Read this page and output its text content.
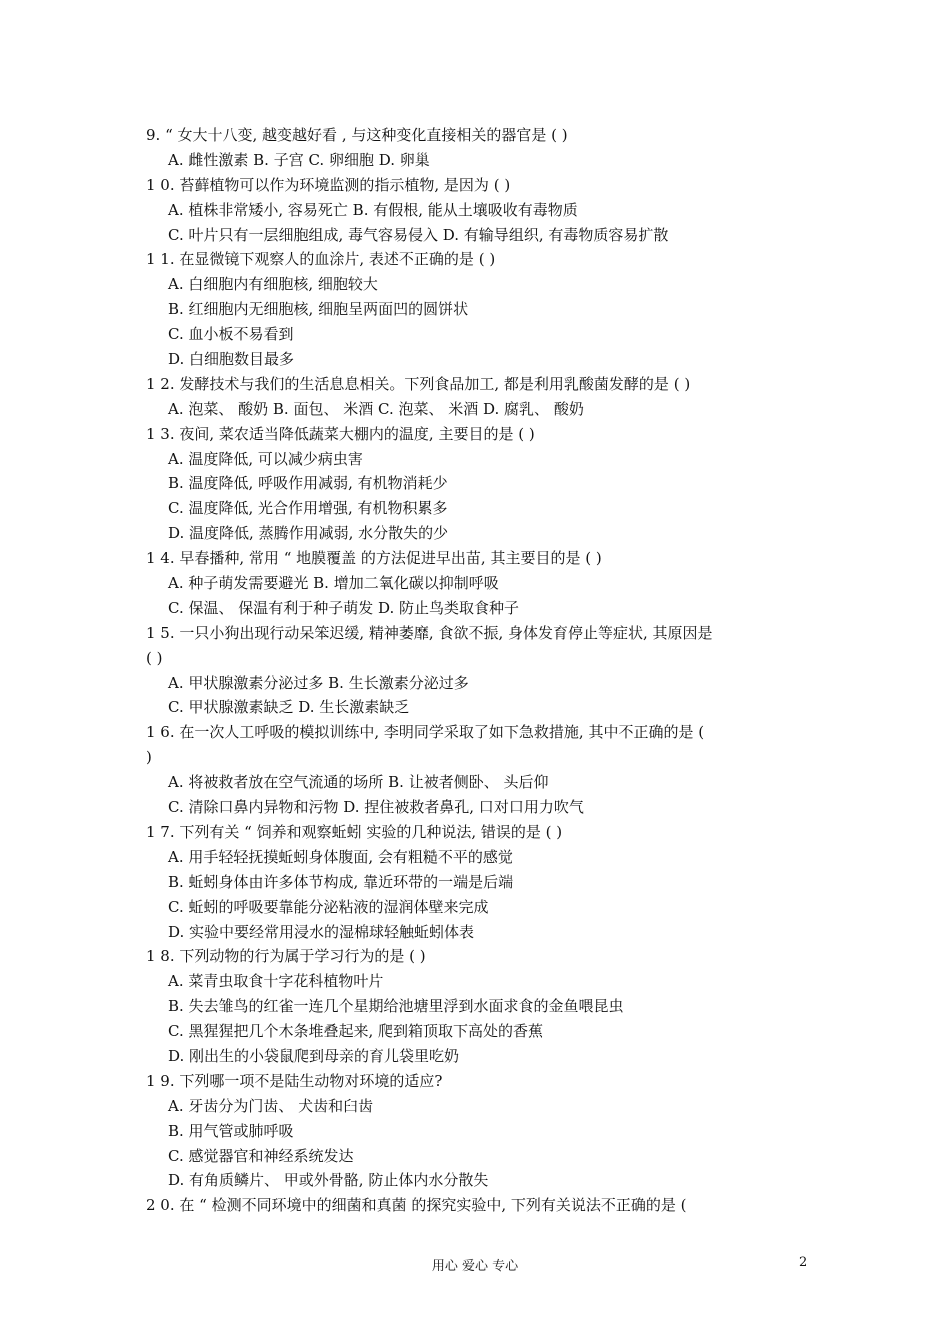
9. “ 女大十八变, 越变越好看 , 与这种变化直接相关的器官是 ( )
A. 雌性激素 B. 子宫 C. 卵细胞 D. 卵巢
1 0. 苔藓植物可以作为环境监测的指示植物, 是因为 ( )
A. 植株非常矮小, 容易死亡 B. 有假根, 能从土壤吸收有毒物质
C. 叶片只有一层细胞组成, 毒气容易侵入 D. 有输导组织, 有毒物质容易扩散
1 1. 在显微镜下观察人的血涂片, 表述不正确的是 ( )
A. 白细胞内有细胞核, 细胞较大
B. 红细胞内无细胞核, 细胞呈两面凹的圆饼状
C. 血小板不易看到
D. 白细胞数目最多
1 2. 发酵技术与我们的生活息息相关。下列食品加工, 都是利用乳酸菌发酵的是 ( )
A. 泡菜、 酸奶 B. 面包、 米酒 C. 泡菜、 米酒 D. 腐乳、 酸奶
1 3. 夜间, 菜农适当降低蔬菜大棚内的温度, 主要目的是 ( )
A. 温度降低, 可以减少病虫害
B. 温度降低, 呼吸作用减弱, 有机物消耗少
C. 温度降低, 光合作用增强, 有机物积累多
D. 温度降低, 蒸腾作用减弱, 水分散失的少
1 4. 早春播种, 常用 “ 地膜覆盖 的方法促进早出苗, 其主要目的是 ( )
A. 种子萌发需要避光 B. 增加二氧化碳以抑制呼吸
C. 保温、 保温有利于种子萌发 D. 防止鸟类取食种子
1 5. 一只小狗出现行动呆笨迟缓, 精神萎靡, 食欲不振, 身体发育停止等症状, 其原因是
( )
A. 甲状腺激素分泌过多 B. 生长激素分泌过多
C. 甲状腺激素缺乏 D. 生长激素缺乏
1 6. 在一次人工呼吸的模拟训练中, 李明同学采取了如下急救措施, 其中不正确的是 (
)
A. 将被救者放在空气流通的场所 B. 让被者侧卧、 头后仰
C. 清除口鼻内异物和污物 D. 捏住被救者鼻孔, 口对口用力吹气
1 7. 下列有关 “ 饲养和观察蚯蚓 实验的几种说法, 错误的是 ( )
A. 用手轻轻抚摸蚯蚓身体腹面, 会有粗糙不平的感觉
B. 蚯蚓身体由许多体节构成, 靠近环带的一端是后端
C. 蚯蚓的呼吸要靠能分泌粘液的湿润体壁来完成
D. 实验中要经常用浸水的湿棉球轻触蚯蚓体表
1 8. 下列动物的行为属于学习行为的是 ( )
A. 菜青虫取食十字花科植物叶片
B. 失去雏鸟的红雀一连几个星期给池塘里浮到水面求食的金鱼喂昆虫
C. 黑猩猩把几个木条堆叠起来, 爬到箱顶取下高处的香蕉
D. 刚出生的小袋鼠爬到母亲的育儿袋里吃奶
1 9. 下列哪一项不是陆生动物对环境的适应?
A. 牙齿分为门齿、 犬齿和臼齿
B. 用气管或肺呼吸
C. 感觉器官和神经系统发达
D. 有角质鳞片、 甲或外骨骼, 防止体内水分散失
2 0. 在 “ 检测不同环境中的细菌和真菌 的探究实验中, 下列有关说法不正确的是 (
用心 爱心 专心	2
